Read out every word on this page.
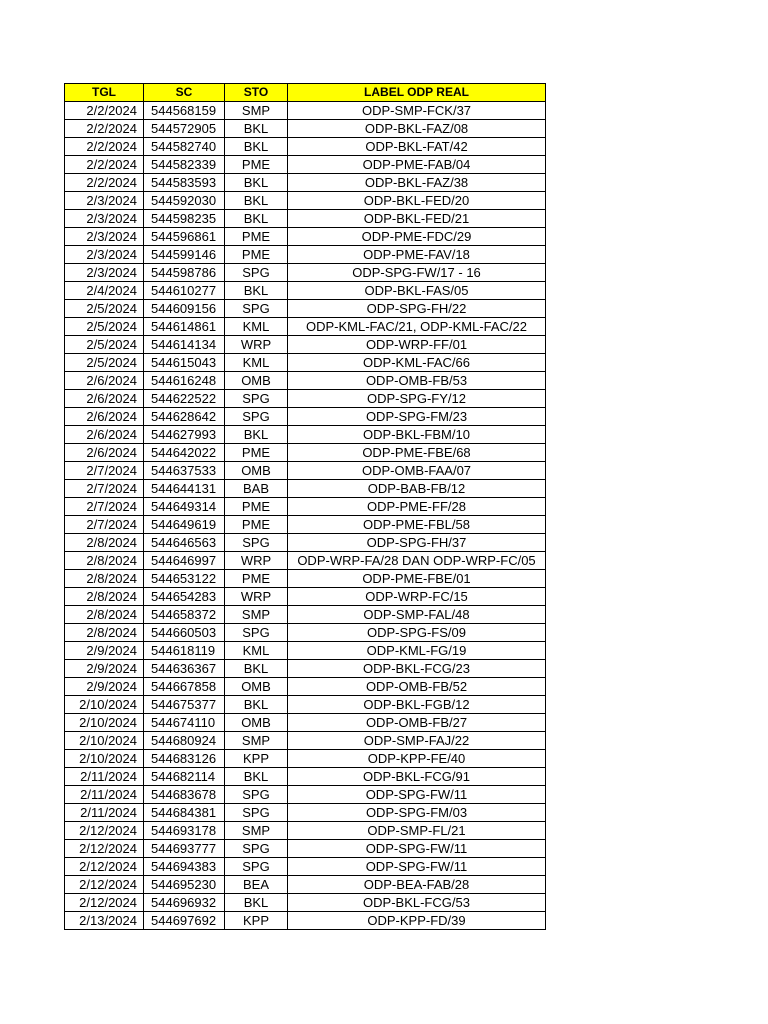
TGL	SC	STO	LABEL ODP REAL
2/2/2024	544568159	SMP	ODP-SMP-FCK/37
2/2/2024	544572905	BKL	ODP-BKL-FAZ/08
2/2/2024	544582740	BKL	ODP-BKL-FAT/42
2/2/2024	544582339	PME	ODP-PME-FAB/04
2/2/2024	544583593	BKL	ODP-BKL-FAZ/38
2/3/2024	544592030	BKL	ODP-BKL-FED/20
2/3/2024	544598235	BKL	ODP-BKL-FED/21
2/3/2024	544596861	PME	ODP-PME-FDC/29
2/3/2024	544599146	PME	ODP-PME-FAV/18
2/3/2024	544598786	SPG	ODP-SPG-FW/17 - 16
2/4/2024	544610277	BKL	ODP-BKL-FAS/05
2/5/2024	544609156	SPG	ODP-SPG-FH/22
2/5/2024	544614861	KML	ODP-KML-FAC/21, ODP-KML-FAC/22
2/5/2024	544614134	WRP	ODP-WRP-FF/01
2/5/2024	544615043	KML	ODP-KML-FAC/66
2/6/2024	544616248	OMB	ODP-OMB-FB/53
2/6/2024	544622522	SPG	ODP-SPG-FY/12
2/6/2024	544628642	SPG	ODP-SPG-FM/23
2/6/2024	544627993	BKL	ODP-BKL-FBM/10
2/6/2024	544642022	PME	ODP-PME-FBE/68
2/7/2024	544637533	OMB	ODP-OMB-FAA/07
2/7/2024	544644131	BAB	ODP-BAB-FB/12
2/7/2024	544649314	PME	ODP-PME-FF/28
2/7/2024	544649619	PME	ODP-PME-FBL/58
2/8/2024	544646563	SPG	ODP-SPG-FH/37
2/8/2024	544646997	WRP	ODP-WRP-FA/28 DAN ODP-WRP-FC/05
2/8/2024	544653122	PME	ODP-PME-FBE/01
2/8/2024	544654283	WRP	ODP-WRP-FC/15
2/8/2024	544658372	SMP	ODP-SMP-FAL/48
2/8/2024	544660503	SPG	ODP-SPG-FS/09
2/9/2024	544618119	KML	ODP-KML-FG/19
2/9/2024	544636367	BKL	ODP-BKL-FCG/23
2/9/2024	544667858	OMB	ODP-OMB-FB/52
2/10/2024	544675377	BKL	ODP-BKL-FGB/12
2/10/2024	544674110	OMB	ODP-OMB-FB/27
2/10/2024	544680924	SMP	ODP-SMP-FAJ/22
2/10/2024	544683126	KPP	ODP-KPP-FE/40
2/11/2024	544682114	BKL	ODP-BKL-FCG/91
2/11/2024	544683678	SPG	ODP-SPG-FW/11
2/11/2024	544684381	SPG	ODP-SPG-FM/03
2/12/2024	544693178	SMP	ODP-SMP-FL/21
2/12/2024	544693777	SPG	ODP-SPG-FW/11
2/12/2024	544694383	SPG	ODP-SPG-FW/11
2/12/2024	544695230	BEA	ODP-BEA-FAB/28
2/12/2024	544696932	BKL	ODP-BKL-FCG/53
2/13/2024	544697692	KPP	ODP-KPP-FD/39
